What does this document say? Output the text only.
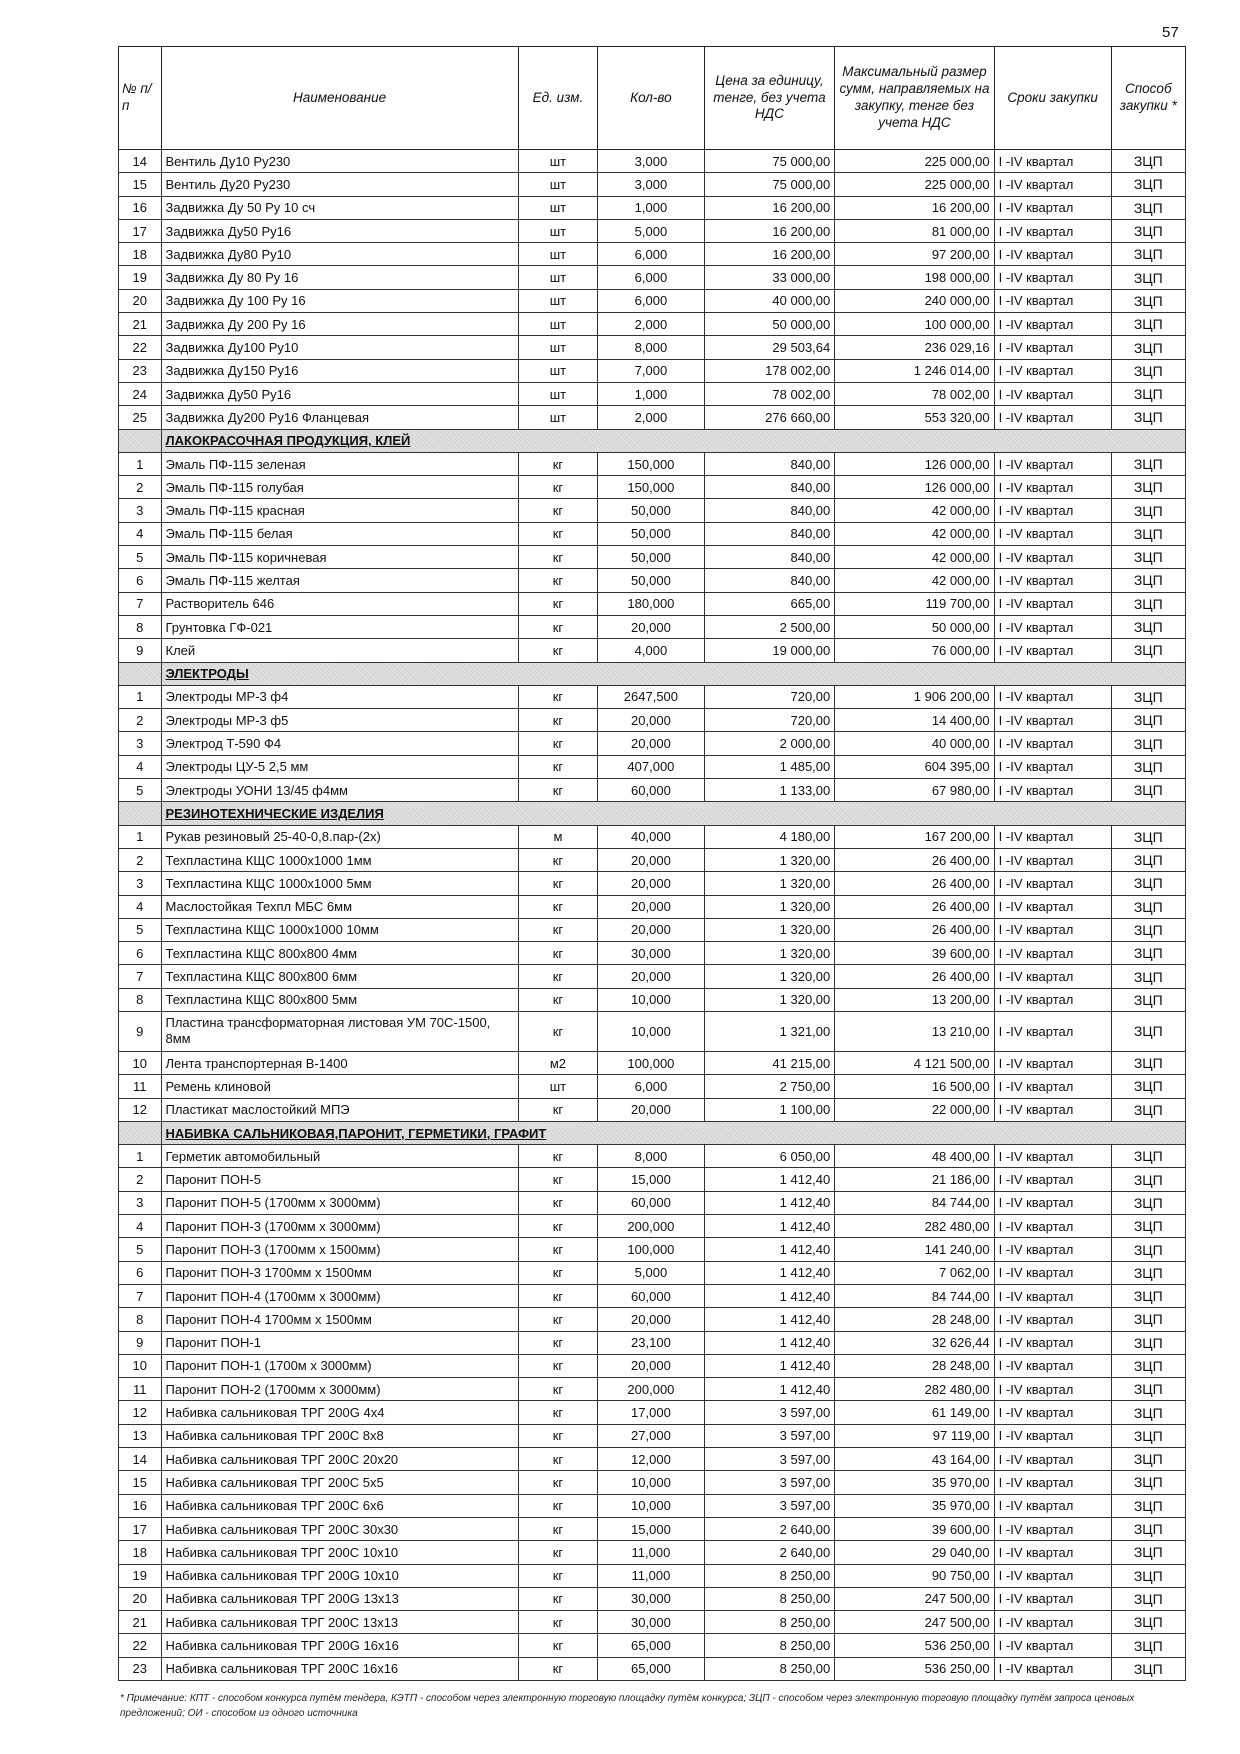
57
№ п/п	Наименование	Ед. изм.	Кол-во	Цена за единицу, тенге, без учета НДС	Максимальный размер сумм, направляемых на закупку, тенге без учета НДС	Сроки закупки	Способ закупки *
14	Вентиль Ду10 Ру230	шт	3,000	75 000,00	225 000,00	I -IV квартал	ЗЦП
15	Вентиль Ду20 Ру230	шт	3,000	75 000,00	225 000,00	I -IV квартал	ЗЦП
16	Задвижка Ду 50 Ру 10 сч	шт	1,000	16 200,00	16 200,00	I -IV квартал	ЗЦП
17	Задвижка Ду50 Ру16	шт	5,000	16 200,00	81 000,00	I -IV квартал	ЗЦП
18	Задвижка Ду80 Ру10	шт	6,000	16 200,00	97 200,00	I -IV квартал	ЗЦП
19	Задвижка Ду 80 Ру 16	шт	6,000	33 000,00	198 000,00	I -IV квартал	ЗЦП
20	Задвижка Ду 100 Ру 16	шт	6,000	40 000,00	240 000,00	I -IV квартал	ЗЦП
21	Задвижка Ду 200 Ру 16	шт	2,000	50 000,00	100 000,00	I -IV квартал	ЗЦП
22	Задвижка Ду100 Ру10	шт	8,000	29 503,64	236 029,16	I -IV квартал	ЗЦП
23	Задвижка Ду150 Ру16	шт	7,000	178 002,00	1 246 014,00	I -IV квартал	ЗЦП
24	Задвижка Ду50 Ру16	шт	1,000	78 002,00	78 002,00	I -IV квартал	ЗЦП
25	Задвижка Ду200 Ру16 Фланцевая	шт	2,000	276 660,00	553 320,00	I -IV квартал	ЗЦП
	ЛАКОКРАСОЧНАЯ ПРОДУКЦИЯ, КЛЕЙ						
1	Эмаль ПФ-115 зеленая	кг	150,000	840,00	126 000,00	I -IV квартал	ЗЦП
2	Эмаль ПФ-115 голубая	кг	150,000	840,00	126 000,00	I -IV квартал	ЗЦП
3	Эмаль ПФ-115 красная	кг	50,000	840,00	42 000,00	I -IV квартал	ЗЦП
4	Эмаль ПФ-115 белая	кг	50,000	840,00	42 000,00	I -IV квартал	ЗЦП
5	Эмаль ПФ-115 коричневая	кг	50,000	840,00	42 000,00	I -IV квартал	ЗЦП
6	Эмаль ПФ-115 желтая	кг	50,000	840,00	42 000,00	I -IV квартал	ЗЦП
7	Растворитель 646	кг	180,000	665,00	119 700,00	I -IV квартал	ЗЦП
8	Грунтовка ГФ-021	кг	20,000	2 500,00	50 000,00	I -IV квартал	ЗЦП
9	Клей	кг	4,000	19 000,00	76 000,00	I -IV квартал	ЗЦП
	ЭЛЕКТРОДЫ						
1	Электроды МР-3 ф4	кг	2647,500	720,00	1 906 200,00	I -IV квартал	ЗЦП
2	Электроды МР-3 ф5	кг	20,000	720,00	14 400,00	I -IV квартал	ЗЦП
3	Электрод Т-590 Ф4	кг	20,000	2 000,00	40 000,00	I -IV квартал	ЗЦП
4	Электроды ЦУ-5 2,5 мм	кг	407,000	1 485,00	604 395,00	I -IV квартал	ЗЦП
5	Электроды УОНИ 13/45 ф4мм	кг	60,000	1 133,00	67 980,00	I -IV квартал	ЗЦП
	РЕЗИНОТЕХНИЧЕСКИЕ ИЗДЕЛИЯ						
1	Рукав резиновый 25-40-0,8.пар-(2х)	м	40,000	4 180,00	167 200,00	I -IV квартал	ЗЦП
2	Техпластина КЩС 1000х1000 1мм	кг	20,000	1 320,00	26 400,00	I -IV квартал	ЗЦП
3	Техпластина КЩС 1000х1000 5мм	кг	20,000	1 320,00	26 400,00	I -IV квартал	ЗЦП
4	Маслостойкая Техпл МБС 6мм	кг	20,000	1 320,00	26 400,00	I -IV квартал	ЗЦП
5	Техпластина КЩС 1000х1000 10мм	кг	20,000	1 320,00	26 400,00	I -IV квартал	ЗЦП
6	Техпластина КЩС 800х800 4мм	кг	30,000	1 320,00	39 600,00	I -IV квартал	ЗЦП
7	Техпластина КЩС 800х800 6мм	кг	20,000	1 320,00	26 400,00	I -IV квартал	ЗЦП
8	Техпластина КЩС 800х800 5мм	кг	10,000	1 320,00	13 200,00	I -IV квартал	ЗЦП
9	Пластина трансформаторная листовая УМ 70С-1500, 8мм	кг	10,000	1 321,00	13 210,00	I -IV квартал	ЗЦП
10	Лента транспортерная В-1400	м2	100,000	41 215,00	4 121 500,00	I -IV квартал	ЗЦП
11	Ремень клиновой	шт	6,000	2 750,00	16 500,00	I -IV квартал	ЗЦП
12	Пластикат маслостойкий МПЭ	кг	20,000	1 100,00	22 000,00	I -IV квартал	ЗЦП
	НАБИВКА САЛЬНИКОВАЯ,ПАРОНИТ, ГЕРМЕТИКИ, ГРАФИТ						
1	Герметик автомобильный	кг	8,000	6 050,00	48 400,00	I -IV квартал	ЗЦП
2	Паронит ПОН-5	кг	15,000	1 412,40	21 186,00	I -IV квартал	ЗЦП
3	Паронит ПОН-5 (1700мм х 3000мм)	кг	60,000	1 412,40	84 744,00	I -IV квартал	ЗЦП
4	Паронит ПОН-3 (1700мм х 3000мм)	кг	200,000	1 412,40	282 480,00	I -IV квартал	ЗЦП
5	Паронит ПОН-3 (1700мм х 1500мм)	кг	100,000	1 412,40	141 240,00	I -IV квартал	ЗЦП
6	Паронит ПОН-3 1700мм х 1500мм	кг	5,000	1 412,40	7 062,00	I -IV квартал	ЗЦП
7	Паронит ПОН-4 (1700мм х 3000мм)	кг	60,000	1 412,40	84 744,00	I -IV квартал	ЗЦП
8	Паронит ПОН-4 1700мм х 1500мм	кг	20,000	1 412,40	28 248,00	I -IV квартал	ЗЦП
9	Паронит ПОН-1	кг	23,100	1 412,40	32 626,44	I -IV квартал	ЗЦП
10	Паронит ПОН-1 (1700м х 3000мм)	кг	20,000	1 412,40	28 248,00	I -IV квартал	ЗЦП
11	Паронит ПОН-2 (1700мм х 3000мм)	кг	200,000	1 412,40	282 480,00	I -IV квартал	ЗЦП
12	Набивка сальниковая ТРГ 200G 4х4	кг	17,000	3 597,00	61 149,00	I -IV квартал	ЗЦП
13	Набивка сальниковая ТРГ 200С 8х8	кг	27,000	3 597,00	97 119,00	I -IV квартал	ЗЦП
14	Набивка сальниковая ТРГ 200С 20х20	кг	12,000	3 597,00	43 164,00	I -IV квартал	ЗЦП
15	Набивка сальниковая ТРГ 200С 5х5	кг	10,000	3 597,00	35 970,00	I -IV квартал	ЗЦП
16	Набивка сальниковая ТРГ 200С 6х6	кг	10,000	3 597,00	35 970,00	I -IV квартал	ЗЦП
17	Набивка сальниковая ТРГ 200С 30х30	кг	15,000	2 640,00	39 600,00	I -IV квартал	ЗЦП
18	Набивка сальниковая ТРГ 200С 10х10	кг	11,000	2 640,00	29 040,00	I -IV квартал	ЗЦП
19	Набивка сальниковая ТРГ 200G 10х10	кг	11,000	8 250,00	90 750,00	I -IV квартал	ЗЦП
20	Набивка сальниковая ТРГ 200G 13х13	кг	30,000	8 250,00	247 500,00	I -IV квартал	ЗЦП
21	Набивка сальниковая ТРГ 200С 13х13	кг	30,000	8 250,00	247 500,00	I -IV квартал	ЗЦП
22	Набивка сальниковая ТРГ 200G 16х16	кг	65,000	8 250,00	536 250,00	I -IV квартал	ЗЦП
23	Набивка сальниковая ТРГ 200С 16х16	кг	65,000	8 250,00	536 250,00	I -IV квартал	ЗЦП
* Примечание: КПТ - способом конкурса путём тендера, КЭТП - способом через электронную торговую площадку путём конкурса; ЗЦП - способом через электронную торговую площадку путём запроса ценовых предложений; ОИ - способом из одного источника
